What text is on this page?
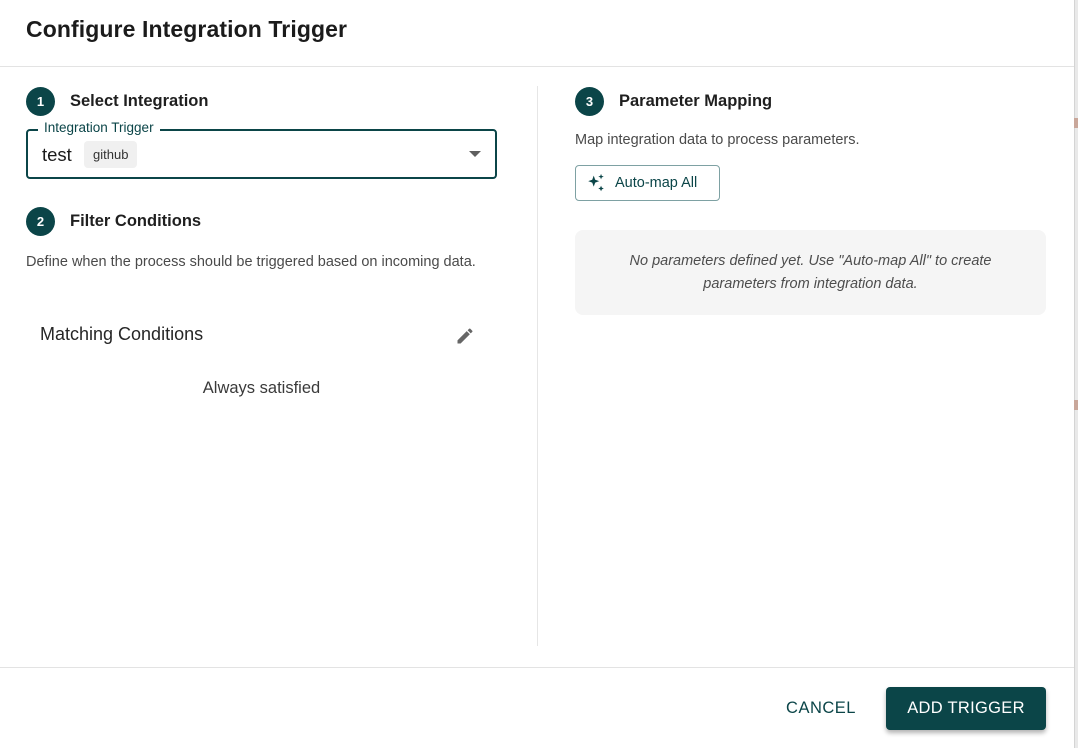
Configure Integration Trigger
1	Select Integration
Integration Trigger
test	github
2	Filter Conditions
Define when the process should be triggered based on incoming data.
Matching Conditions
Always satisfied
3	Parameter Mapping
Map integration data to process parameters.
Auto-map All
No parameters defined yet. Use "Auto-map All" to create parameters from integration data.
CANCEL	ADD TRIGGER
